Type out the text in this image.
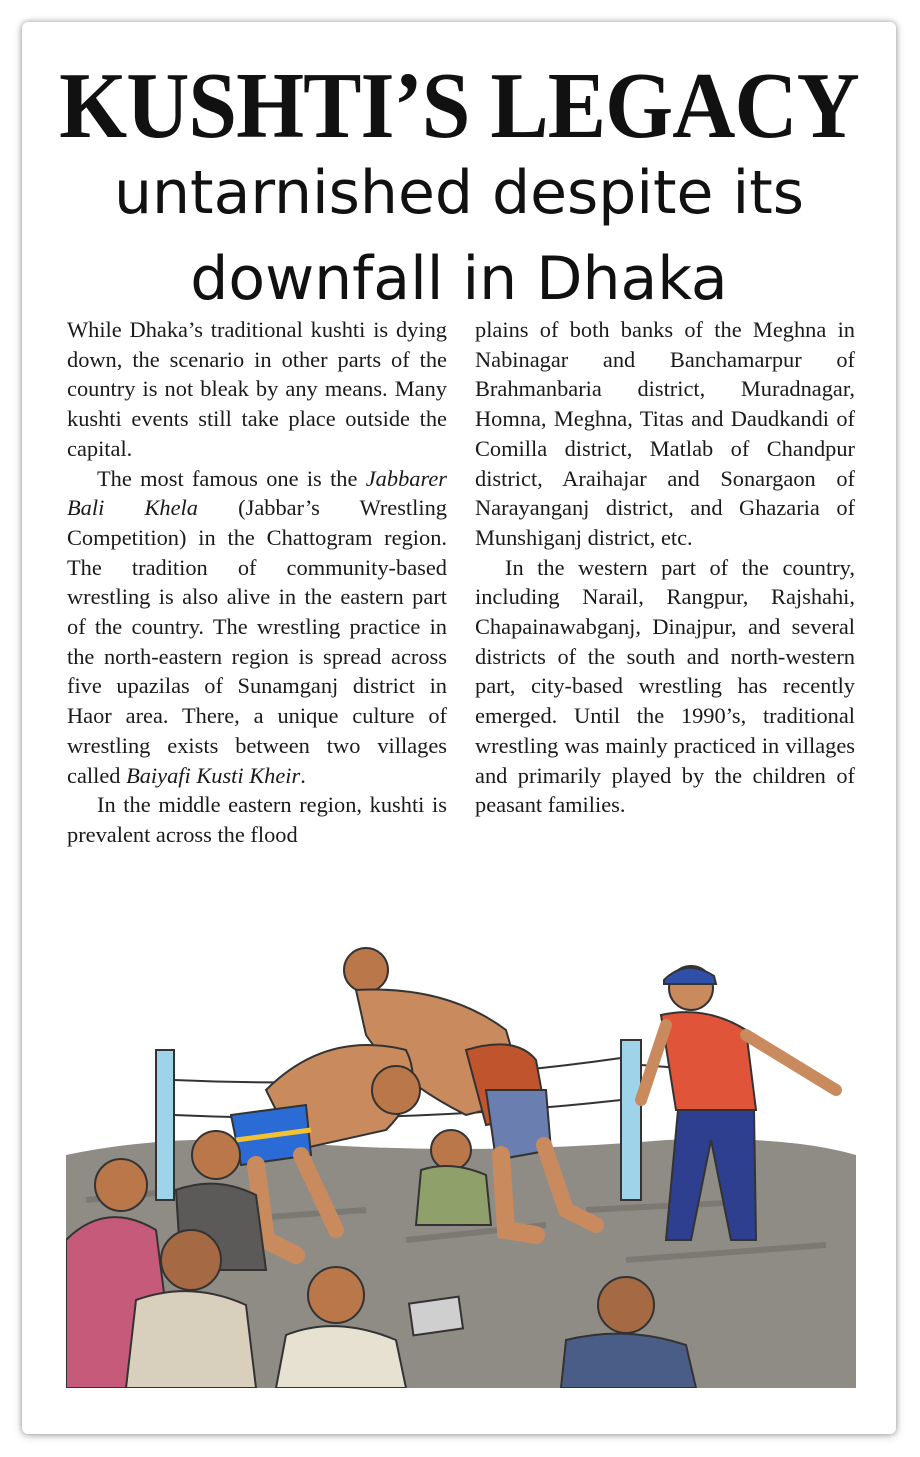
KUSHTI’S LEGACY
untarnished despite its
downfall in Dhaka

While Dhaka’s traditional kushti is dying down, the scenario in other parts of the country is not bleak by any means. Many kushti events still take place outside the capital.

The most famous one is the Jabbarer Bali Khela (Jabbar’s Wrestling Competition) in the Chattogram region. The tradition of community-based wrestling is also alive in the eastern part of the country. The wrestling practice in the north-eastern region is spread across five upazilas of Sunamganj district in Haor area. There, a unique culture of wrestling exists between two villages called Baiyafi Kusti Kheir.

In the middle eastern region, kushti is prevalent across the flood

plains of both banks of the Meghna in Nabinagar and Banchamarpur of Brahmanbaria district, Muradnagar, Homna, Meghna, Titas and Daudkandi of Comilla district, Matlab of Chandpur district, Araihajar and Sonargaon of Narayanganj district, and Ghazaria of Munshiganj district, etc.

In the western part of the country, including Narail, Rangpur, Rajshahi, Chapainawabganj, Dinajpur, and several districts of the south and north-western part, city-based wrestling has recently emerged. Until the 1990’s, traditional wrestling was mainly practiced in villages and primarily played by the children of peasant families.
